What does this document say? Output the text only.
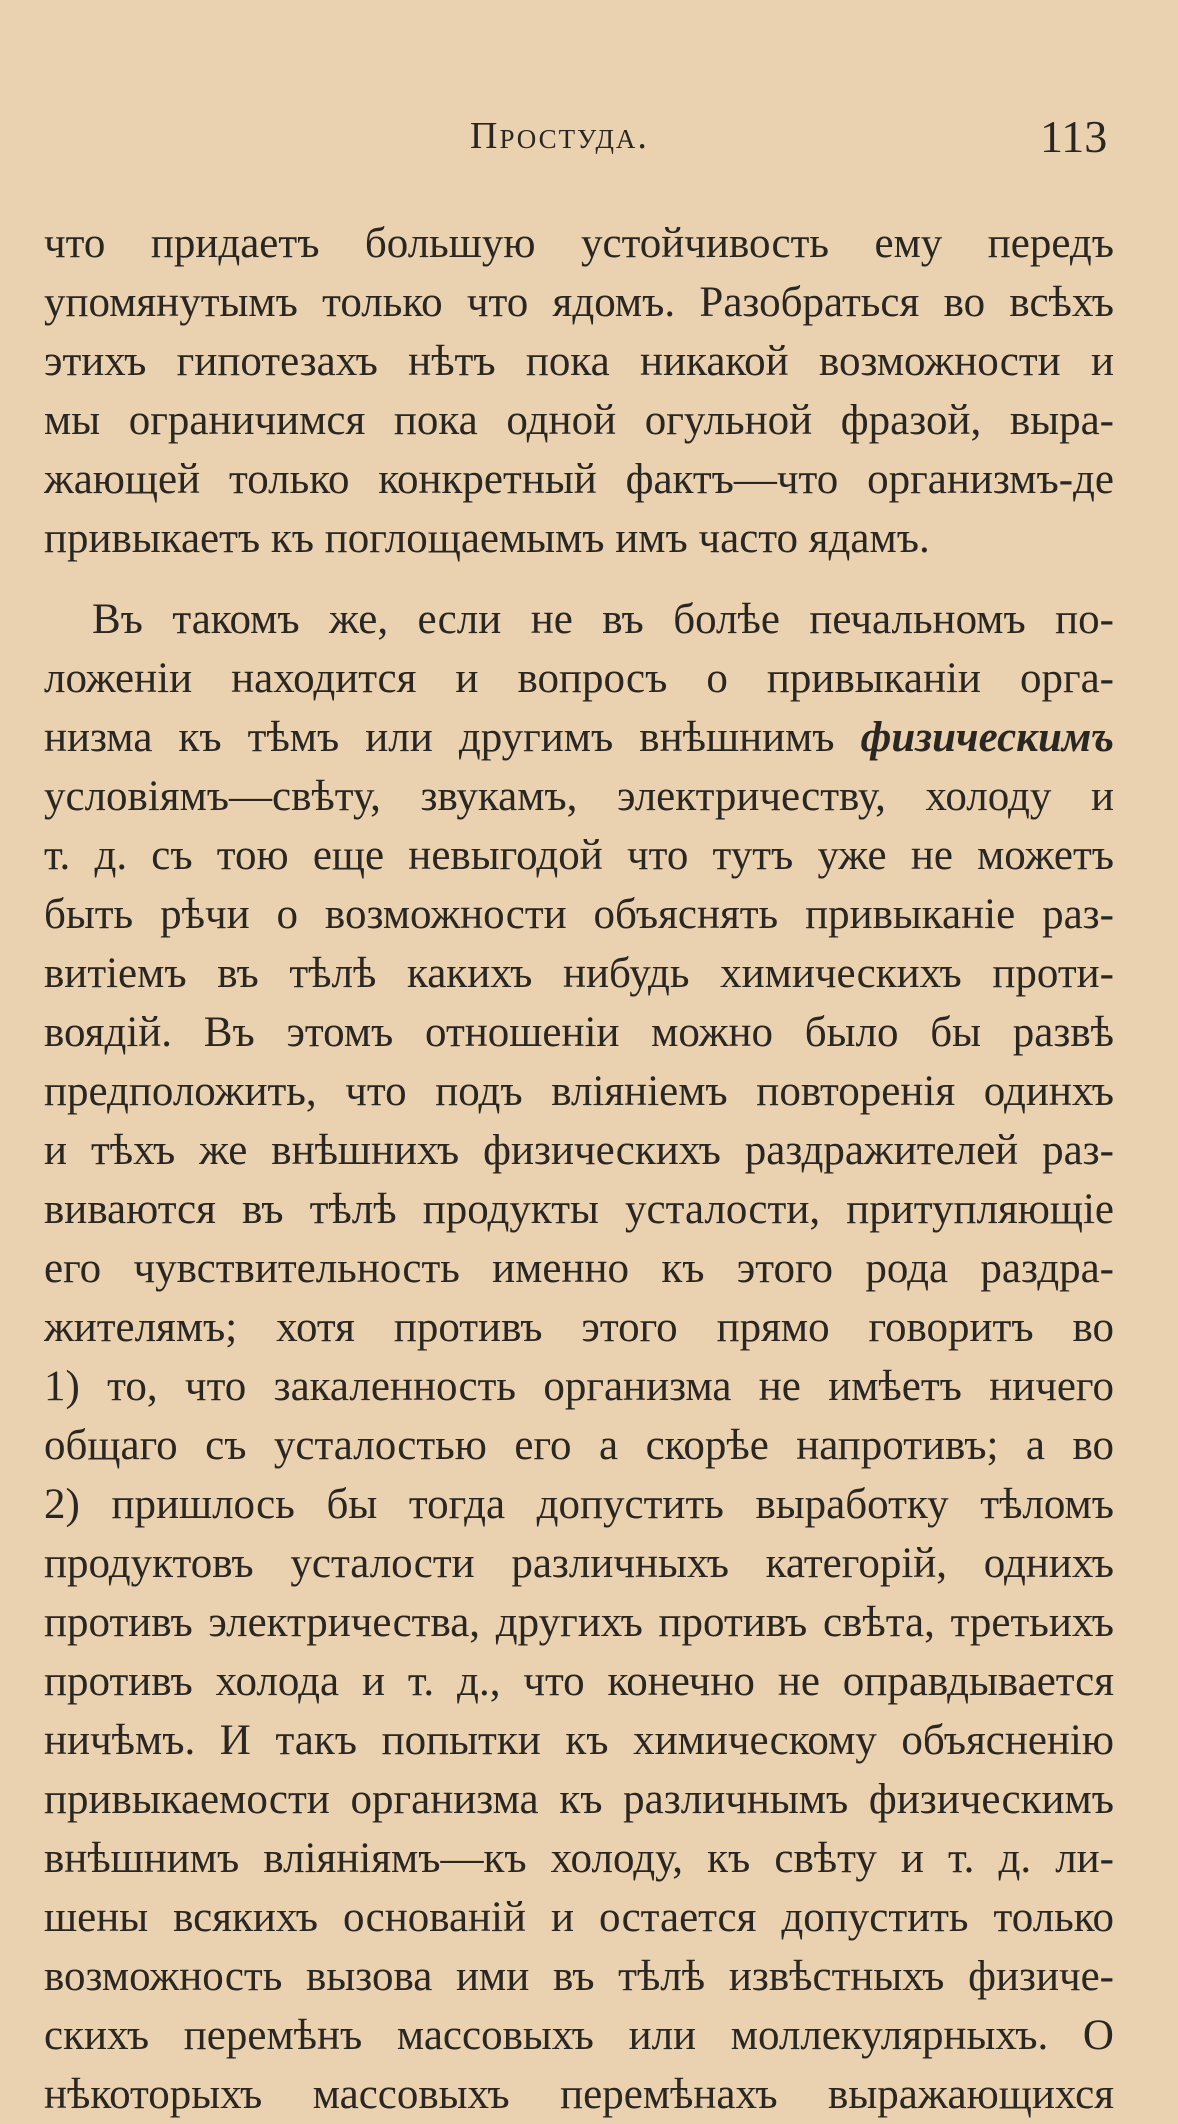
Простуда.	113
что придаетъ большую устойчивость ему передъ
упомянутымъ только что ядомъ. Разобраться во всѣхъ
этихъ гипотезахъ нѣтъ пока никакой возможности и
мы ограничимся пока одной огульной фразой, выра-
жающей только конкретный фактъ—что организмъ-де
привыкаетъ къ поглощаемымъ имъ часто ядамъ.
Въ такомъ же, если не въ болѣе печальномъ по-
ложеніи находится и вопросъ о привыканіи орга-
низма къ тѣмъ или другимъ внѣшнимъ физическимъ
условіямъ—свѣту, звукамъ, электричеству, холоду и
т. д. съ тою еще невыгодой что тутъ уже не можетъ
быть рѣчи о возможности объяснять привыканіе раз-
витіемъ въ тѣлѣ какихъ нибудь химическихъ проти-
воядій. Въ этомъ отношеніи можно было бы развѣ
предположить, что подъ вліяніемъ повторенія одинхъ
и тѣхъ же внѣшнихъ физическихъ раздражителей раз-
виваются въ тѣлѣ продукты усталости, притупляющіе
его чувствительность именно къ этого рода раздра-
жителямъ; хотя противъ этого прямо говоритъ во
1) то, что закаленность организма не имѣетъ ничего
общаго съ усталостью его а скорѣе напротивъ; а во
2) пришлось бы тогда допустить выработку тѣломъ
продуктовъ усталости различныхъ категорій, однихъ
противъ электричества, другихъ противъ свѣта, третьихъ
противъ холода и т. д., что конечно не оправдывается
ничѣмъ. И такъ попытки къ химическому объясненію
привыкаемости организма къ различнымъ физическимъ
внѣшнимъ вліяніямъ—къ холоду, къ свѣту и т. д. ли-
шены всякихъ основаній и остается допустить только
возможность вызова ими въ тѣлѣ извѣстныхъ физиче-
скихъ перемѣнъ массовыхъ или моллекулярныхъ. О
нѣкоторыхъ массовыхъ перемѣнахъ выражающихся
